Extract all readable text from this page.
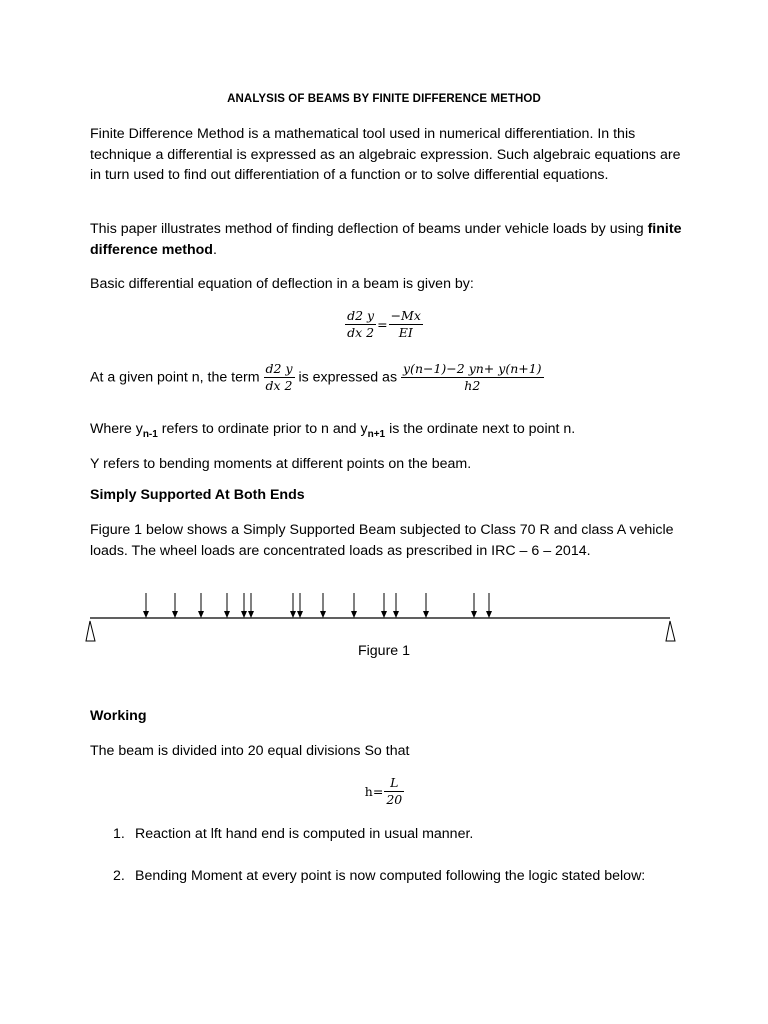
ANALYSIS OF BEAMS BY FINITE DIFFERENCE METHOD
Finite Difference Method is a mathematical tool used in numerical differentiation. In this technique a differential is expressed as an algebraic expression. Such algebraic equations are in turn used to find out differentiation of a function or to solve differential equations.
This paper illustrates method of finding deflection of beams under vehicle loads by using finite difference method.
Basic differential equation of deflection in a beam is given by:
$\frac{d2 y}{dx 2} = \frac{-Mx}{EI}$
At a given point n, the term $\frac{d2 y}{dx 2}$ is expressed as $\frac{y(n-1)-2 yn+ y(n+1)}{h2}$
Where $y_{n-1}$ refers to ordinate prior to n and $y_{n+1}$ is the ordinate next to point n.
Y refers to bending moments at different points on the beam.
Simply Supported At Both Ends
Figure 1 below shows a Simply Supported Beam subjected to Class 70 R and class A vehicle loads. The wheel loads are concentrated loads as prescribed in IRC – 6 – 2014.
Figure 1
Working
The beam is divided into 20 equal divisions So that
$h= \frac{L}{20}$
1. Reaction at lft hand end is computed in usual manner.
2. Bending Moment at every point is now computed following the logic stated below:
